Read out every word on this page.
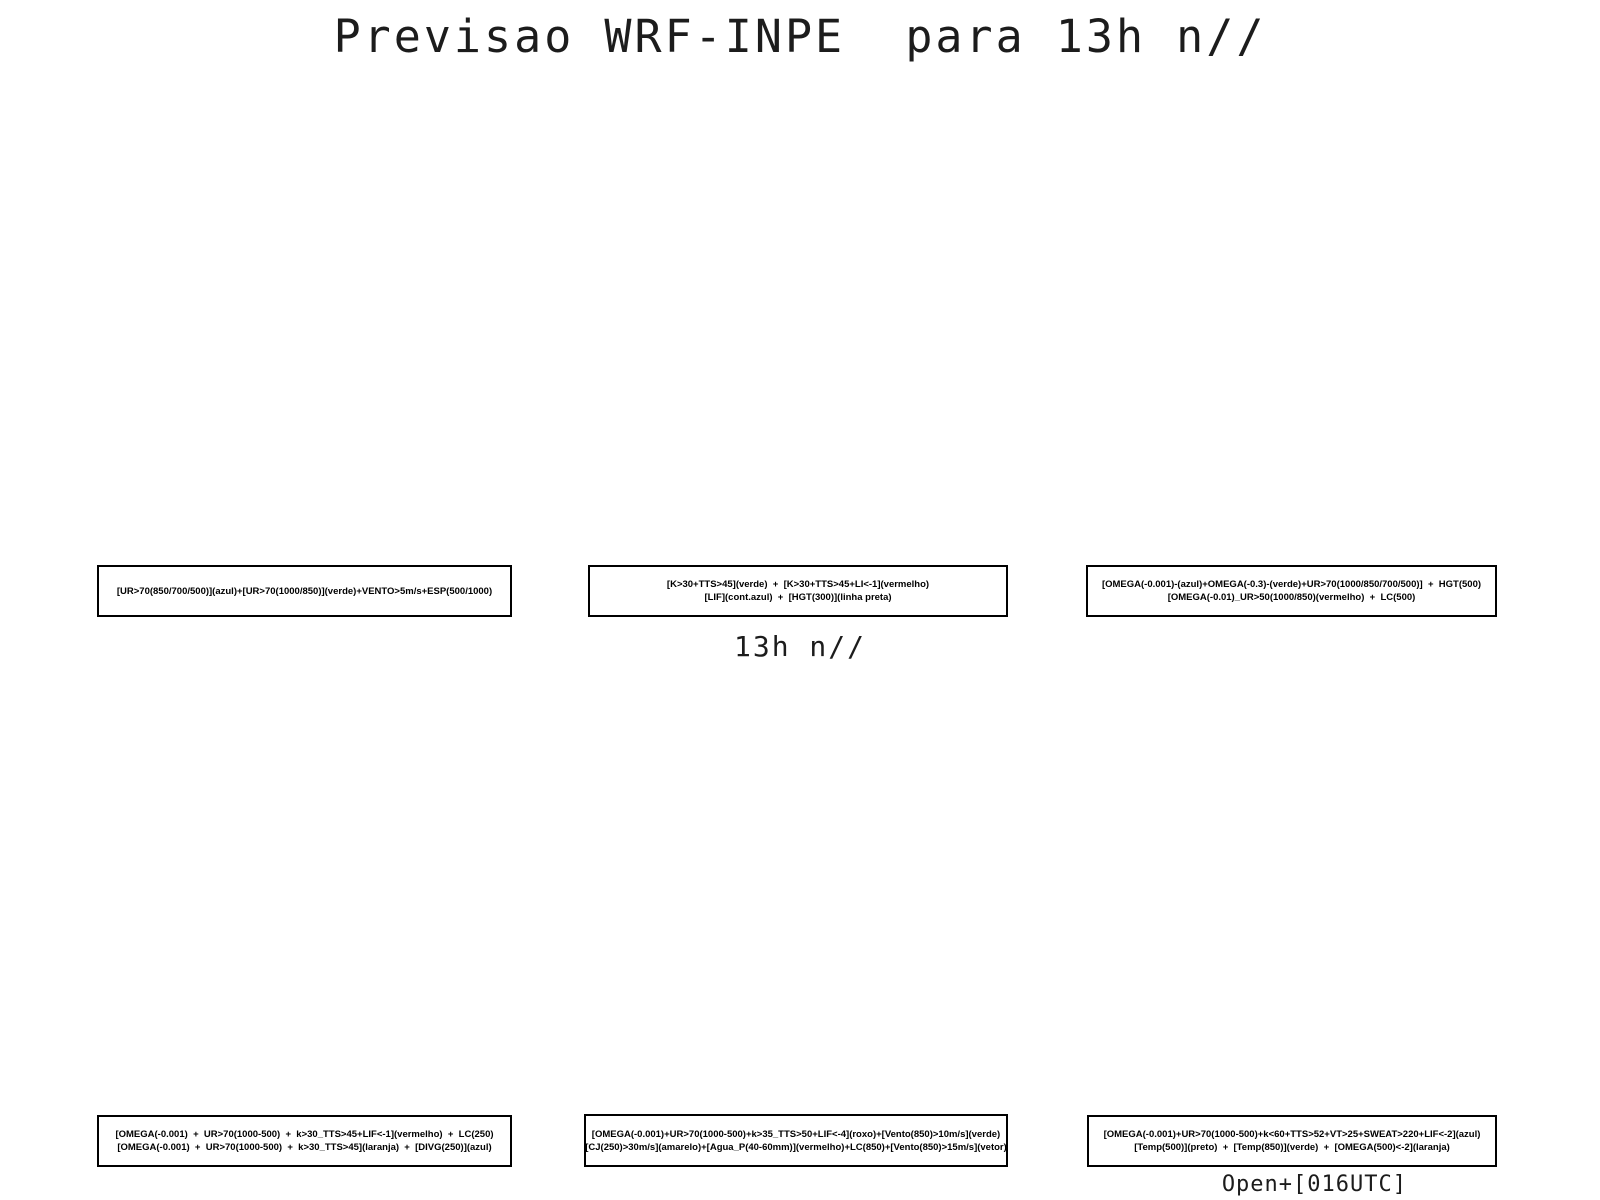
Previsao WRF-INPE  para 13h n//
[UR>70(850/700/500)](azul)+[UR>70(1000/850)](verde)+VENTO>5m/s+ESP(500/1000)
[K>30+TTS>45](verde)  +  [K>30+TTS>45+LI<-1](vermelho)
[LIF](cont.azul)  +  [HGT(300)](linha preta)
[OMEGA(-0.001)-(azul)+OMEGA(-0.3)-(verde)+UR>70(1000/850/700/500)]  +  HGT(500)
[OMEGA(-0.01)_UR>50(1000/850)(vermelho)  +  LC(500)
13h n//
[OMEGA(-0.001)  +  UR>70(1000-500)  +  k>30_TTS>45+LIF<-1](vermelho)  +  LC(250)
[OMEGA(-0.001)  +  UR>70(1000-500)  +  k>30_TTS>45](laranja)  +  [DIVG(250)](azul)
[OMEGA(-0.001)+UR>70(1000-500)+k>35_TTS>50+LIF<-4](roxo)+[Vento(850)>10m/s](verde)
[CJ(250)>30m/s](amarelo)+[Agua_P(40-60mm)](vermelho)+LC(850)+[Vento(850)>15m/s](vetor)
[OMEGA(-0.001)+UR>70(1000-500)+k<60+TTS>52+VT>25+SWEAT>220+LIF<-2](azul)
[Temp(500)](preto)  +  [Temp(850)](verde)  +  [OMEGA(500)<-2](laranja)
Open+[016UTC]
